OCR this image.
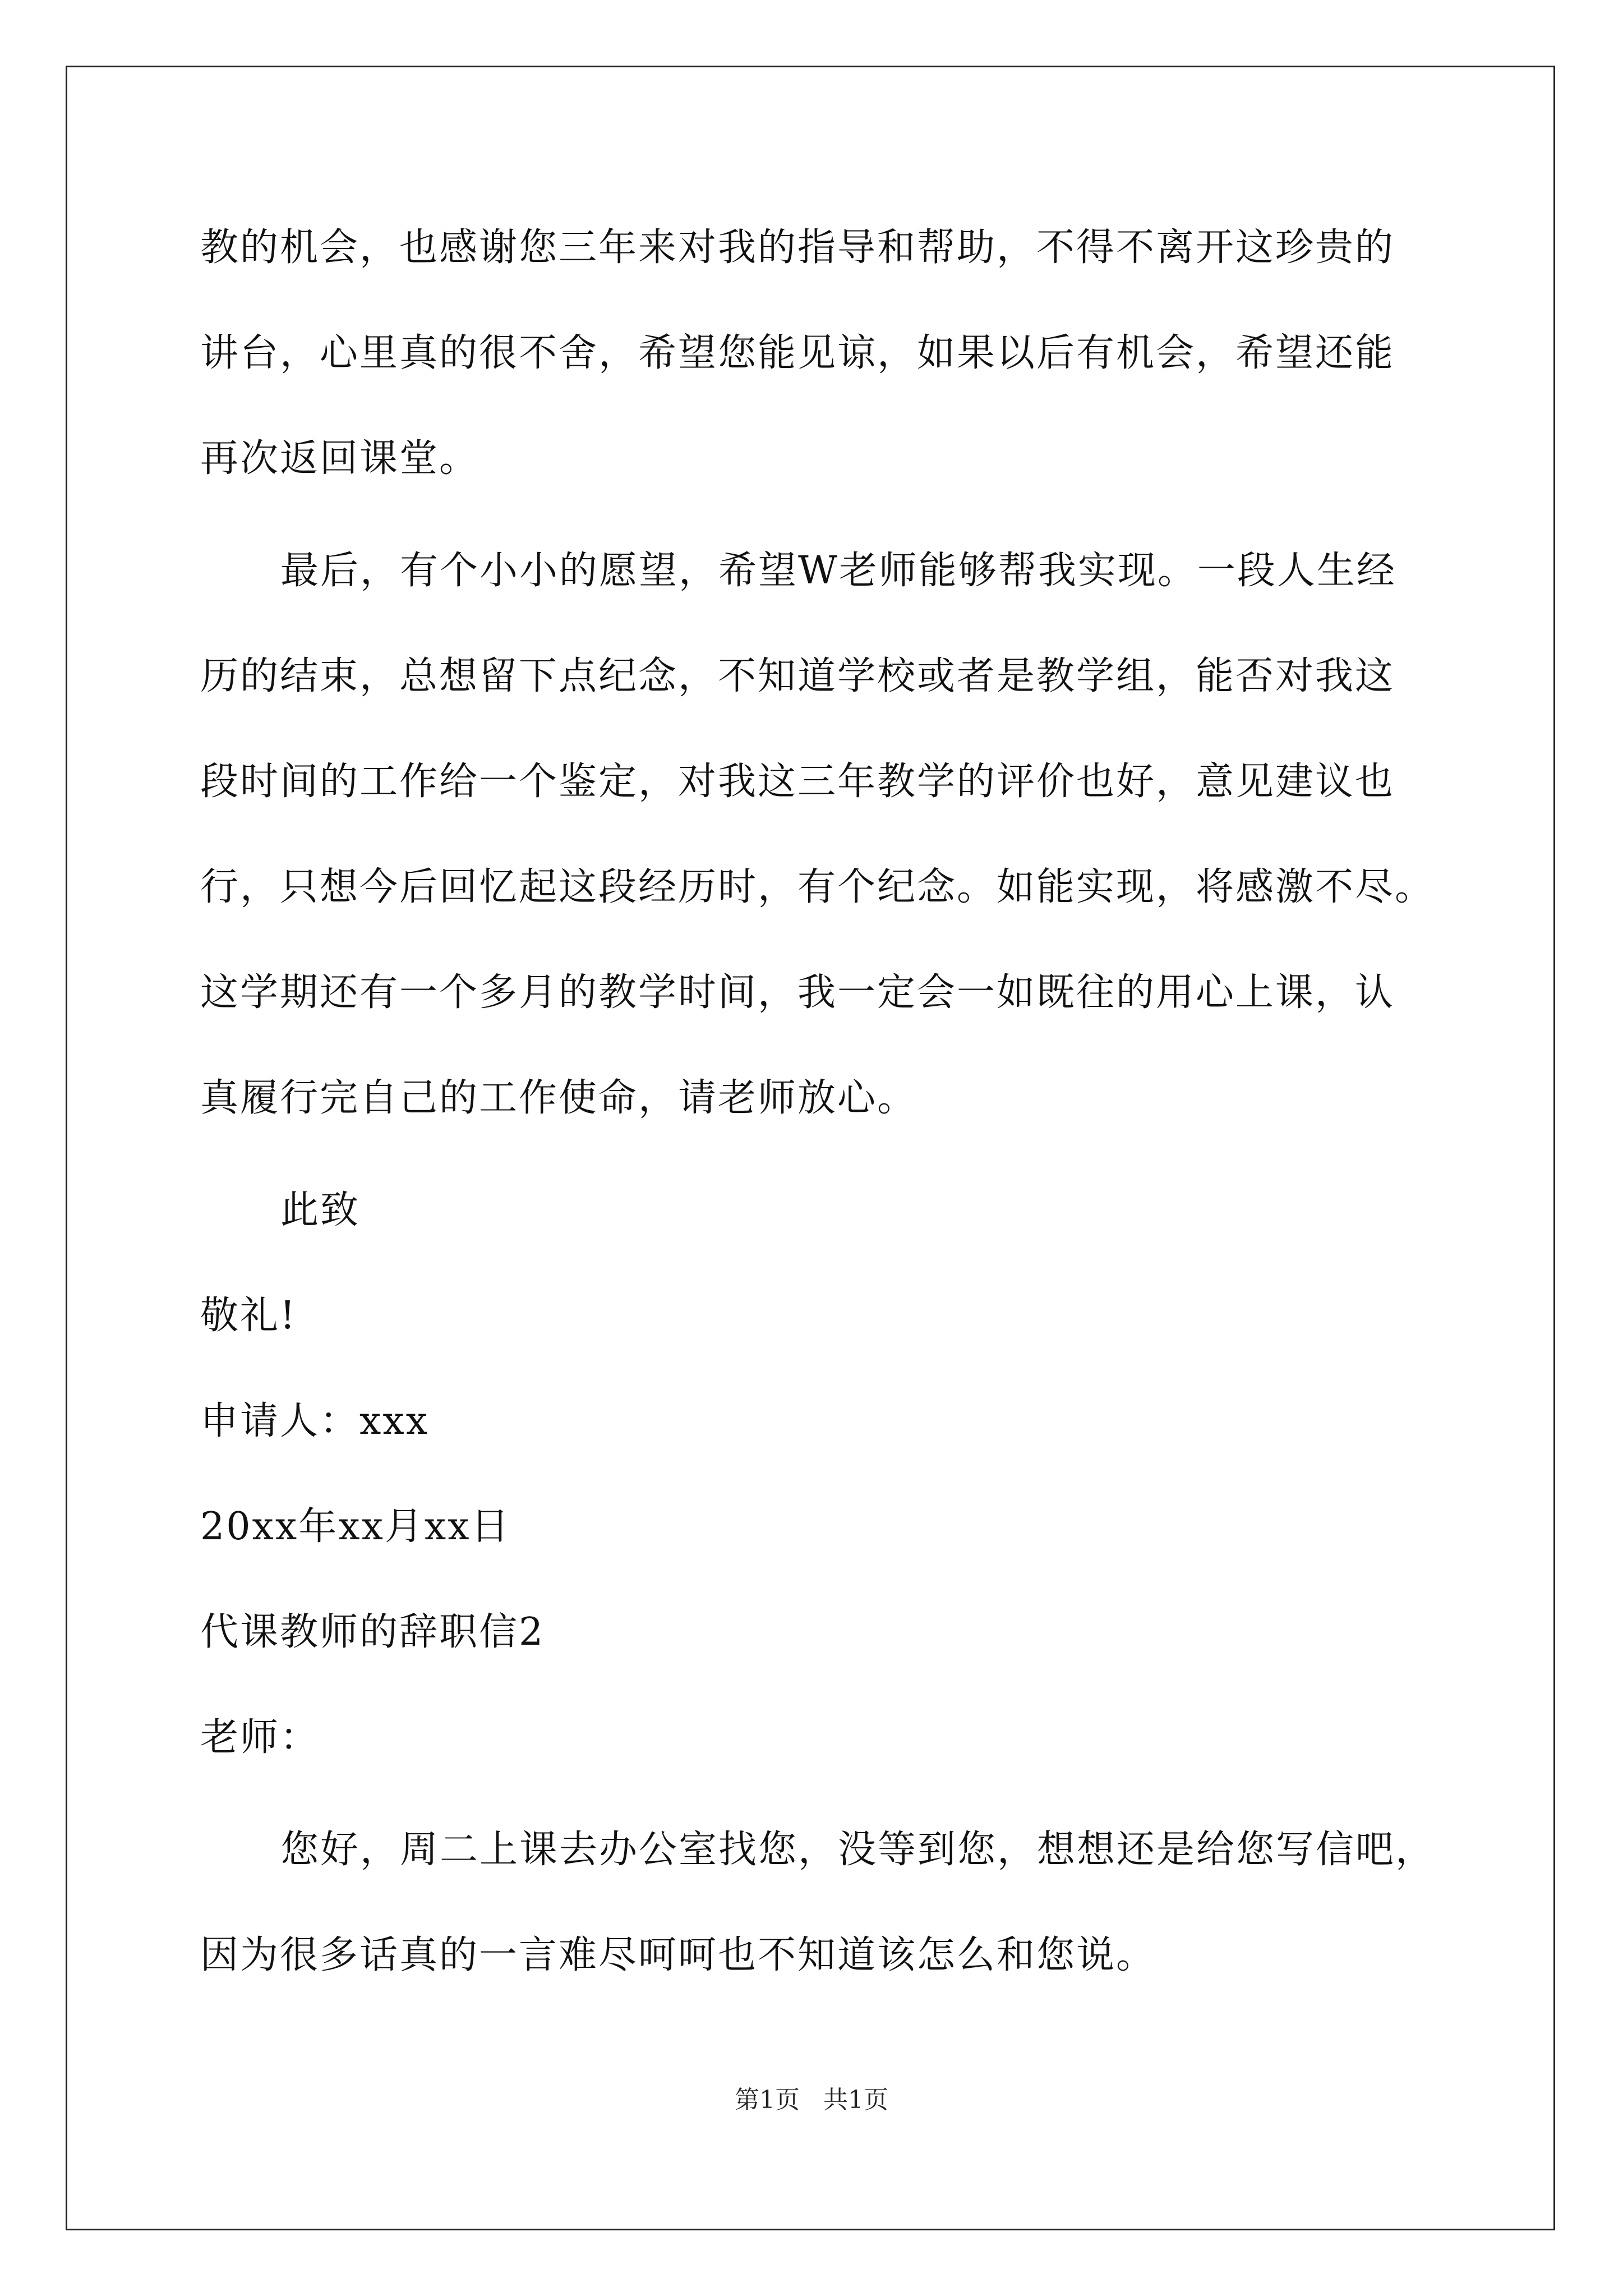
教的机会，也感谢您三年来对我的指导和帮助，不得不离开这珍贵的
讲台，心里真的很不舍，希望您能见谅，如果以后有机会，希望还能
再次返回课堂。
最后，有个小小的愿望，希望W老师能够帮我实现。一段人生经
历的结束，总想留下点纪念，不知道学校或者是教学组，能否对我这
段时间的工作给一个鉴定，对我这三年教学的评价也好，意见建议也
行，只想今后回忆起这段经历时，有个纪念。如能实现，将感激不尽。
这学期还有一个多月的教学时间，我一定会一如既往的用心上课，认
真履行完自己的工作使命，请老师放心。
此致
敬礼!
申请人：xxx
20xx年xx月xx日
代课教师的辞职信2
老师：
您好，周二上课去办公室找您，没等到您，想想还是给您写信吧，
因为很多话真的一言难尽呵呵也不知道该怎么和您说。
第1页   共1页
